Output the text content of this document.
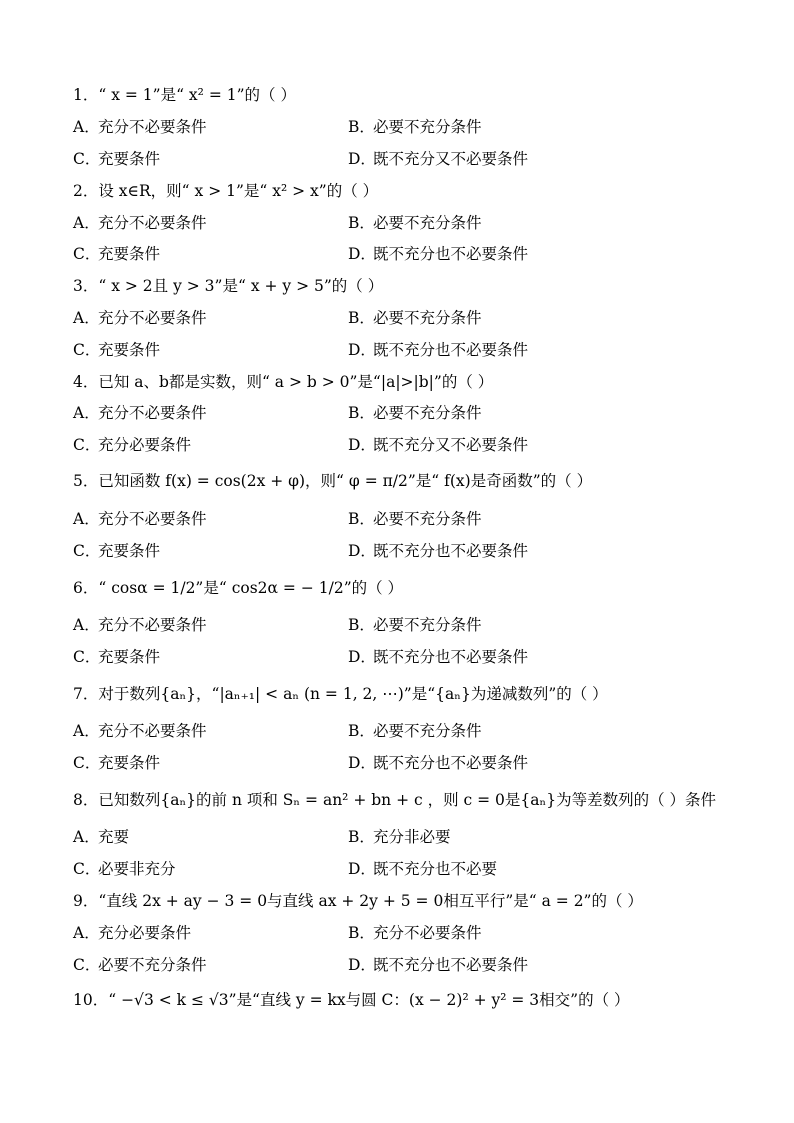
1．“ x = 1”是“ x² = 1”的（ ）
A．充分不必要条件	B．必要不充分条件
C．充要条件	D．既不充分又不必要条件
2．设 x∈R，则“ x > 1”是“ x² > x”的（ ）
A．充分不必要条件	B．必要不充分条件
C．充要条件	D．既不充分也不必要条件
3．“ x > 2且 y > 3”是“ x + y > 5”的（ ）
A．充分不必要条件	B．必要不充分条件
C．充要条件	D．既不充分也不必要条件
4．已知 a、b都是实数，则“ a > b > 0”是“|a|>|b|”的（ ）
A．充分不必要条件	B．必要不充分条件
C．充分必要条件	D．既不充分又不必要条件
5．已知函数 f(x) = cos(2x + φ)，则“ φ = π/2”是“ f(x)是奇函数”的（ ）
A．充分不必要条件	B．必要不充分条件
C．充要条件	D．既不充分也不必要条件
6．“ cosα = 1/2”是“ cos2α = − 1/2”的（ ）
A．充分不必要条件	B．必要不充分条件
C．充要条件	D．既不充分也不必要条件
7．对于数列{aₙ}，“|aₙ₊₁| < aₙ (n = 1, 2, ⋯)”是“{aₙ}为递减数列”的（ ）
A．充分不必要条件	B．必要不充分条件
C．充要条件	D．既不充分也不必要条件
8．已知数列{aₙ}的前 n 项和 Sₙ = an² + bn + c ，则 c = 0是{aₙ}为等差数列的（ ）条件
A．充要	B．充分非必要
C．必要非充分	D．既不充分也不必要
9．“直线 2x + ay − 3 = 0与直线 ax + 2y + 5 = 0相互平行”是“ a = 2”的（ ）
A．充分必要条件	B．充分不必要条件
C．必要不充分条件	D．既不充分也不必要条件
10．“ −√3 < k ≤ √3”是“直线 y = kx与圆 C：(x − 2)² + y² = 3相交”的（ ）
